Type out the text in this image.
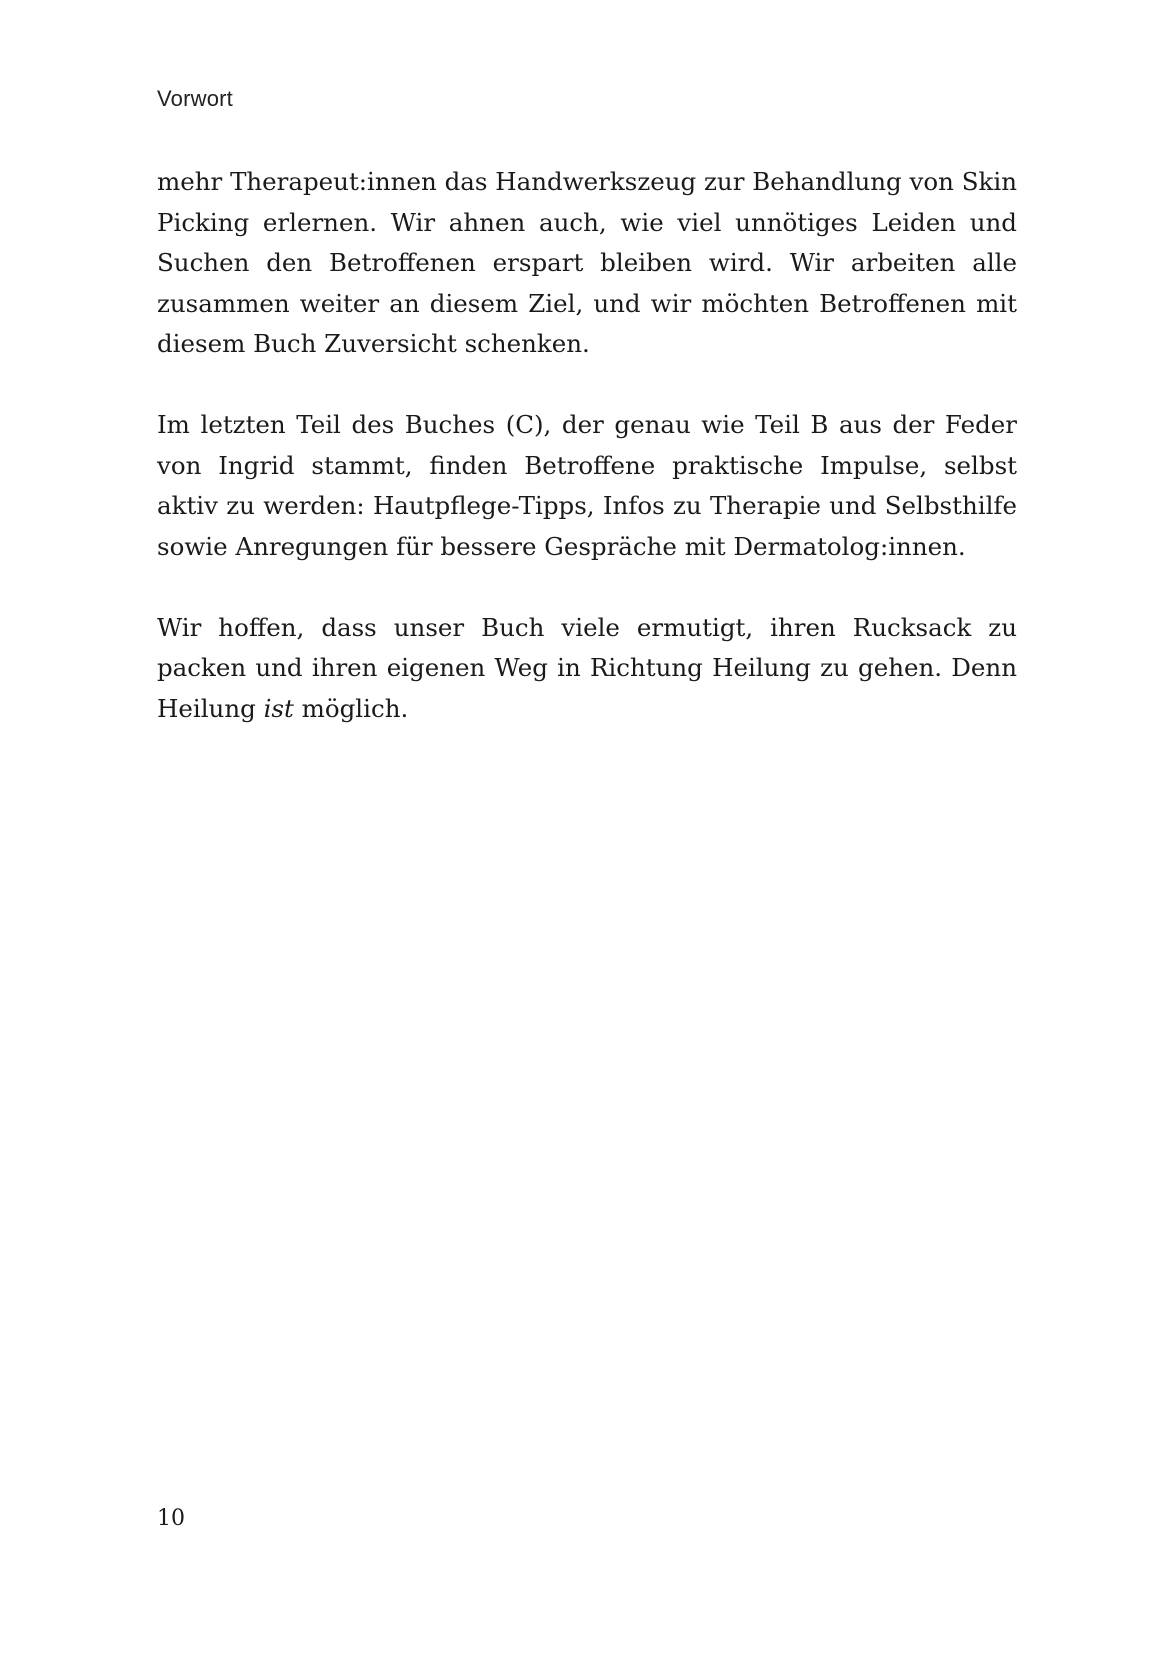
Vorwort

mehr Therapeut:innen das Handwerkszeug zur Behandlung von Skin Picking erlernen. Wir ahnen auch, wie viel unnötiges Leiden und Suchen den Betroffenen erspart bleiben wird. Wir arbeiten alle zusammen weiter an diesem Ziel, und wir möchten Betroffenen mit diesem Buch Zuversicht schenken.

Im letzten Teil des Buches (C), der genau wie Teil B aus der Feder von Ingrid stammt, finden Betroffene praktische Impulse, selbst aktiv zu werden: Hautpflege-Tipps, Infos zu Therapie und Selbsthilfe sowie Anregungen für bessere Gespräche mit Dermatolog:innen.

Wir hoffen, dass unser Buch viele ermutigt, ihren Rucksack zu packen und ihren eigenen Weg in Richtung Heilung zu gehen. Denn Heilung ist möglich.

10
